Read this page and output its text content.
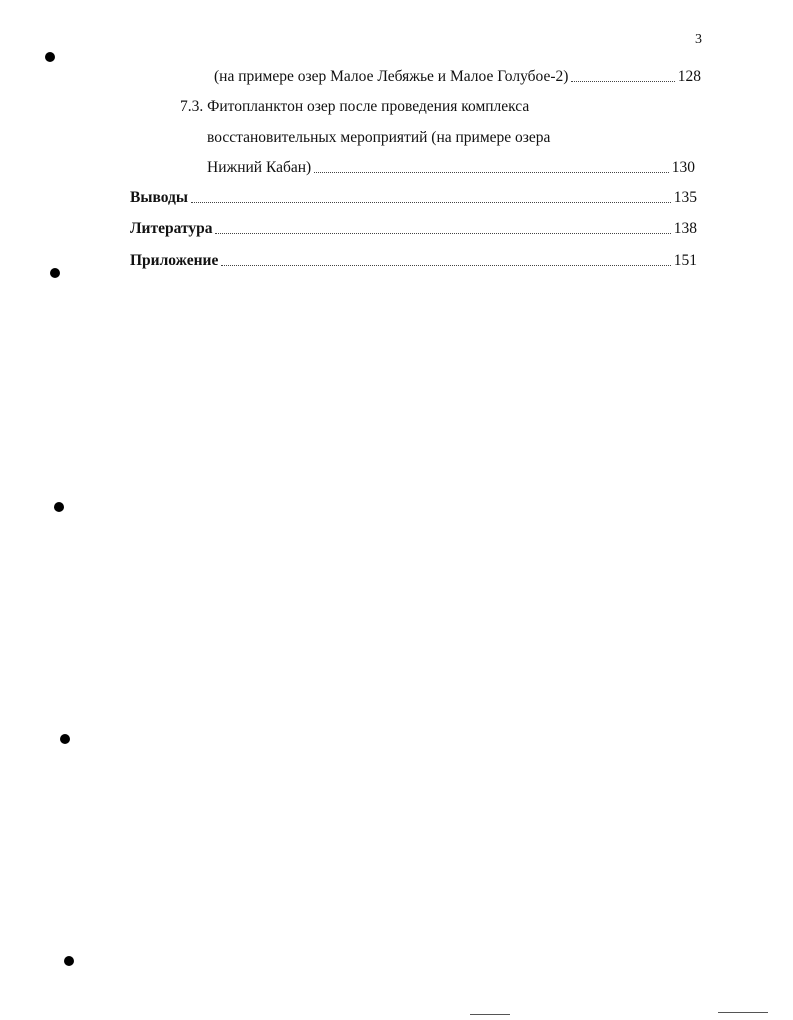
3
(на примере озер Малое Лебяжье и Малое Голубое-2)	128
7.3. Фитопланктон озер после проведения комплекса
восстановительных мероприятий (на примере озера
Нижний Кабан)	130
Выводы	135
Литература	138
Приложение	151
